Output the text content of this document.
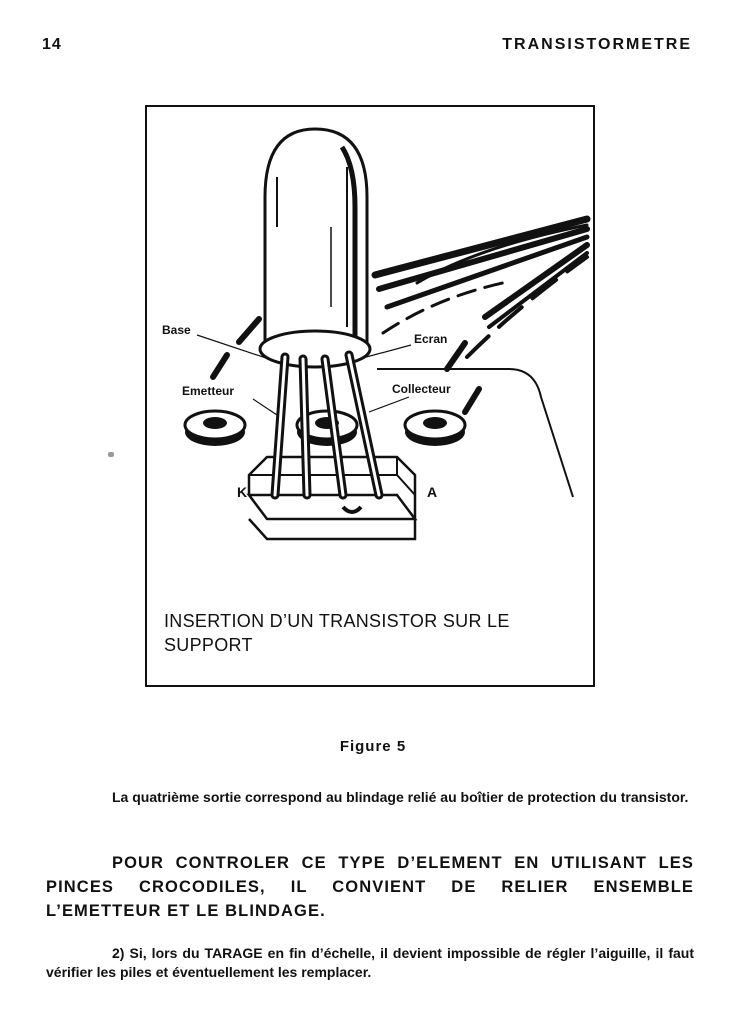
14	TRANSISTORMETRE
Base
Ecran
Emetteur	Collecteur
K	A
INSERTION D’UN TRANSISTOR SUR LE SUPPORT
Figure 5
La quatrième sortie correspond au blindage relié au boîtier de protection du transistor.
POUR CONTROLER CE TYPE D’ELEMENT EN UTILISANT LES PINCES CROCODILES, IL CONVIENT DE RELIER ENSEMBLE L’EMETTEUR ET LE BLINDAGE.
2) Si, lors du TARAGE en fin d’échelle, il devient impossible de régler l’aiguille, il faut vérifier les piles et éventuellement les remplacer.
